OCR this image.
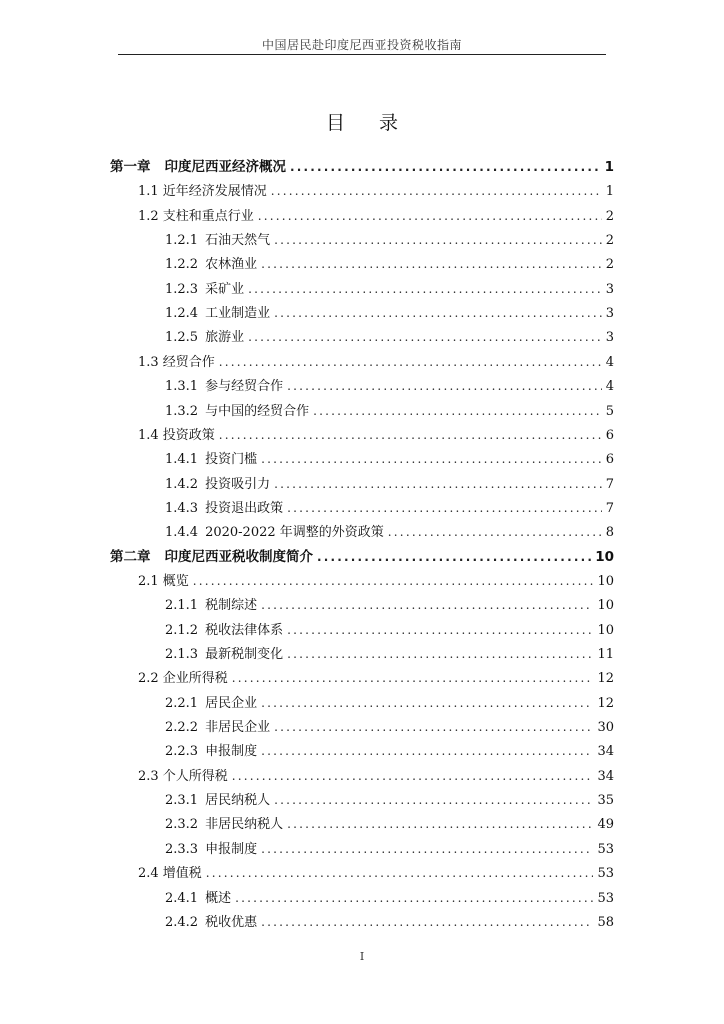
中国居民赴印度尼西亚投资税收指南
目录
第一章 印度尼西亚经济概况 .....	1
1.1 近年经济发展情况 .....	1
1.2 支柱和重点行业 .....	2
1.2.1 石油天然气 .....	2
1.2.2 农林渔业 .....	2
1.2.3 采矿业 .....	3
1.2.4 工业制造业 .....	3
1.2.5 旅游业 .....	3
1.3 经贸合作 .....	4
1.3.1 参与经贸合作 .....	4
1.3.2 与中国的经贸合作 .....	5
1.4 投资政策 .....	6
1.4.1 投资门槛 .....	6
1.4.2 投资吸引力 .....	7
1.4.3 投资退出政策 .....	7
1.4.4 2020-2022 年调整的外资政策 .....	8
第二章 印度尼西亚税收制度简介 .....	10
2.1 概览 .....	10
2.1.1 税制综述 .....	10
2.1.2 税收法律体系 .....	10
2.1.3 最新税制变化 .....	11
2.2 企业所得税 .....	12
2.2.1 居民企业 .....	12
2.2.2 非居民企业 .....	30
2.2.3 申报制度 .....	34
2.3 个人所得税 .....	34
2.3.1 居民纳税人 .....	35
2.3.2 非居民纳税人 .....	49
2.3.3 申报制度 .....	53
2.4 增值税 .....	53
2.4.1 概述 .....	53
2.4.2 税收优惠 .....	58
I
